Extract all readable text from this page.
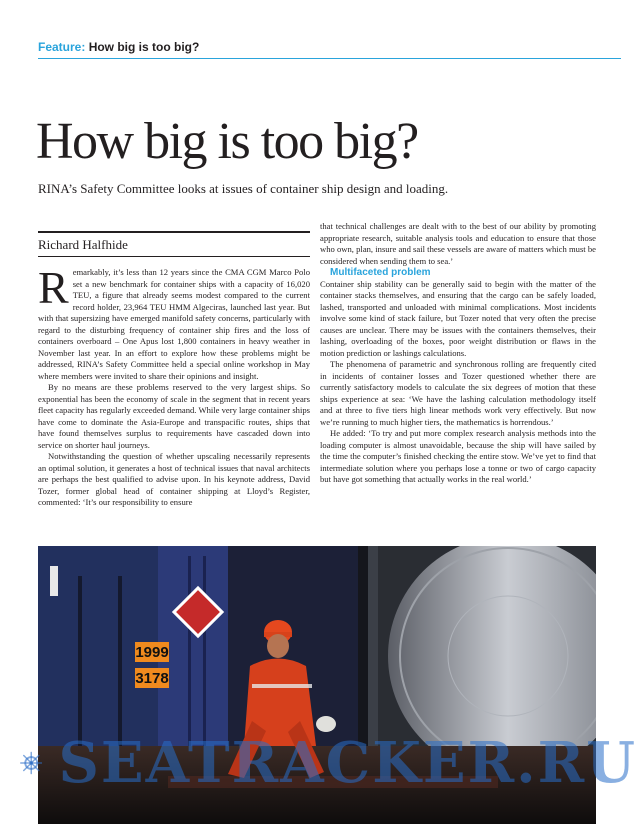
Feature: How big is too big?
How big is too big?

RINA’s Safety Committee looks at issues of container ship design and loading.

Richard Halfhide

Remarkably, it’s less than 12 years since the CMA CGM Marco Polo set a new benchmark for container ships with a capacity of 16,020 TEU, a figure that already seems modest compared to the current record holder, 23,964 TEU HMM Algeciras, launched last year. But with that supersizing have emerged manifold safety concerns, particularly with regard to the disturbing frequency of container ship fires and the loss of containers overboard – One Apus lost 1,800 containers in heavy weather in November last year. In an effort to explore how these problems might be addressed, RINA’s Safety Committee held a special online workshop in May where members were invited to share their opinions and insight.

By no means are these problems reserved to the very largest ships. So exponential has been the economy of scale in the segment that in recent years fleet capacity has regularly exceeded demand. While very large container ships have come to dominate the Asia-Europe and transpacific routes, ships that have found themselves surplus to requirements have cascaded down into service on shorter haul journeys.

Notwithstanding the question of whether upscaling necessarily represents an optimal solution, it generates a host of technical issues that naval architects are perhaps the best qualified to advise upon. In his keynote address, David Tozer, former global head of container shipping at Lloyd’s Register, commented: ‘It’s our responsibility to ensure

that technical challenges are dealt with to the best of our ability by promoting appropriate research, suitable analysis tools and education to ensure that those who own, plan, insure and sail these vessels are aware of matters which must be considered when sending them to sea.’

Multifaceted problem

Container ship stability can be generally said to begin with the matter of the container stacks themselves, and ensuring that the cargo can be safely loaded, lashed, transported and unloaded with minimal complications. Most incidents involve some kind of stack failure, but Tozer noted that very often the precise causes are unclear. There may be issues with the containers themselves, their lashing, overloading of the boxes, poor weight distribution or flaws in the motion prediction or lashings calculations.

The phenomena of parametric and synchronous rolling are frequently cited in incidents of container losses and Tozer questioned whether there are currently satisfactory models to calculate the six degrees of motion that these ships experience at sea: ‘We have the lashing calculation methodology itself and at three to five tiers high linear methods work very effectively. But now we’re running to much higher tiers, the mathematics is horrendous.’

He added: ‘To try and put more complex research analysis methods into the loading computer is almost unavoidable, because the ship will have sailed by the time the computer’s finished checking the entire stow. We’ve yet to find that intermediate solution where you perhaps lose a tonne or two of cargo capacity but have got something that actually works in the real world.’

1999
3178
SEATRACKER.RU
